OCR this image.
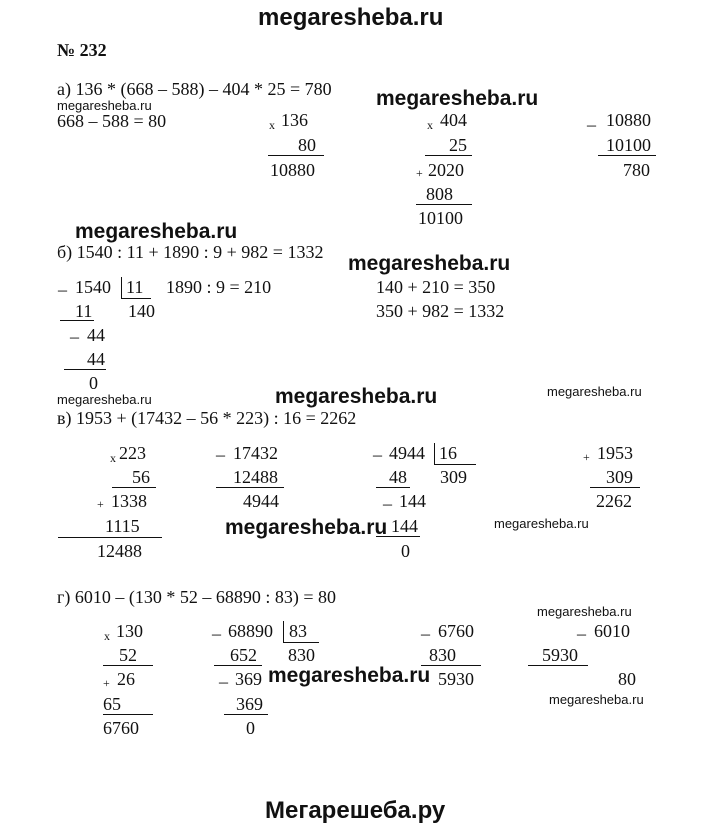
megaresheba.ru
Мегарешеба.ру
№ 232
а) 136 * (668 – 588) – 404 * 25 = 780
megaresheba.ru	megaresheba.ru
668 – 588 = 80	x 136
80
10880
x 404
25
+ 2020
808
10100
_ 10880
10100
780
megaresheba.ru
б) 1540 : 11 + 1890 : 9 + 982 = 1332 megaresheba.ru
_ 1540 11
140
11
_ 44
44
0
1890 : 9 = 210	140 + 210 = 350
350 + 982 = 1332
megaresheba.ru	megaresheba.ru	megaresheba.ru
в) 1953 + (17432 – 56 * 223) : 16 = 2262
x 223
56
+ 1338
1115
12488
_ 17432
12488
4944
_ 4944 16
309
48
_ 144
144
0
+ 1953
309
2262
megaresheba.ru	megaresheba.ru
г) 6010 – (130 * 52 – 68890 : 83) = 80
megaresheba.ru
x 130
52
+ 26
65
6760
_ 68890 83
830
652
_ 369
369
0
_ 6760
830
5930
_ 6010
5930
80
megaresheba.ru
megaresheba.ru
